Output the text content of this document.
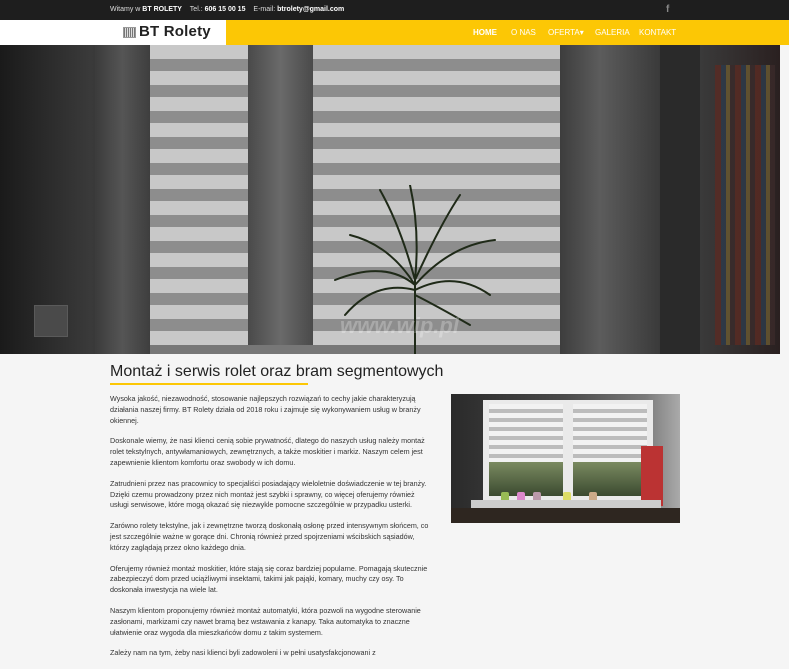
Witamy w BT ROLETY Tel.: 606 15 00 15 E-mail: btrolety@gmail.com	f
BT Rolety	HOME O NAS OFERTA▾ GALERIA KONTAKT
www.wip.pl
Montaż i serwis rolet oraz bram segmentowych

Wysoka jakość, niezawodność, stosowanie najlepszych rozwiązań to cechy jakie charakteryzują działania naszej firmy. BT Rolety działa od 2018 roku i zajmuje się wykonywaniem usług w branży okiennej.

Doskonale wiemy, że nasi klienci cenią sobie prywatność, dlatego do naszych usług należy montaż rolet tekstylnych, antywłamaniowych, zewnętrznych, a także moskitier i markiz. Naszym celem jest zapewnienie klientom komfortu oraz swobody w ich domu.

Zatrudnieni przez nas pracownicy to specjaliści posiadający wieloletnie doświadczenie w tej branży. Dzięki czemu prowadzony przez nich montaż jest szybki i sprawny, co więcej oferujemy również usługi serwisowe, które mogą okazać się niezwykle pomocne szczególnie w przypadku usterki.

Zarówno rolety tekstylne, jak i zewnętrzne tworzą doskonałą osłonę przed intensywnym słońcem, co jest szczególnie ważne w gorące dni. Chronią również przed spojrzeniami wścibskich sąsiadów, którzy zaglądają przez okno każdego dnia.

Oferujemy również montaż moskitier, które stają się coraz bardziej popularne. Pomagają skutecznie zabezpieczyć dom przed uciążliwymi insektami, takimi jak pająki, komary, muchy czy osy. To doskonała inwestycja na wiele lat.

Naszym klientom proponujemy również montaż automatyki, która pozwoli na wygodne sterowanie zasłonami, markizami czy nawet bramą bez wstawania z kanapy. Taka automatyka to znaczne ułatwienie oraz wygoda dla mieszkańców domu z takim systemem.

Zależy nam na tym, żeby nasi klienci byli zadowoleni i w pełni usatysfakcjonowani z
